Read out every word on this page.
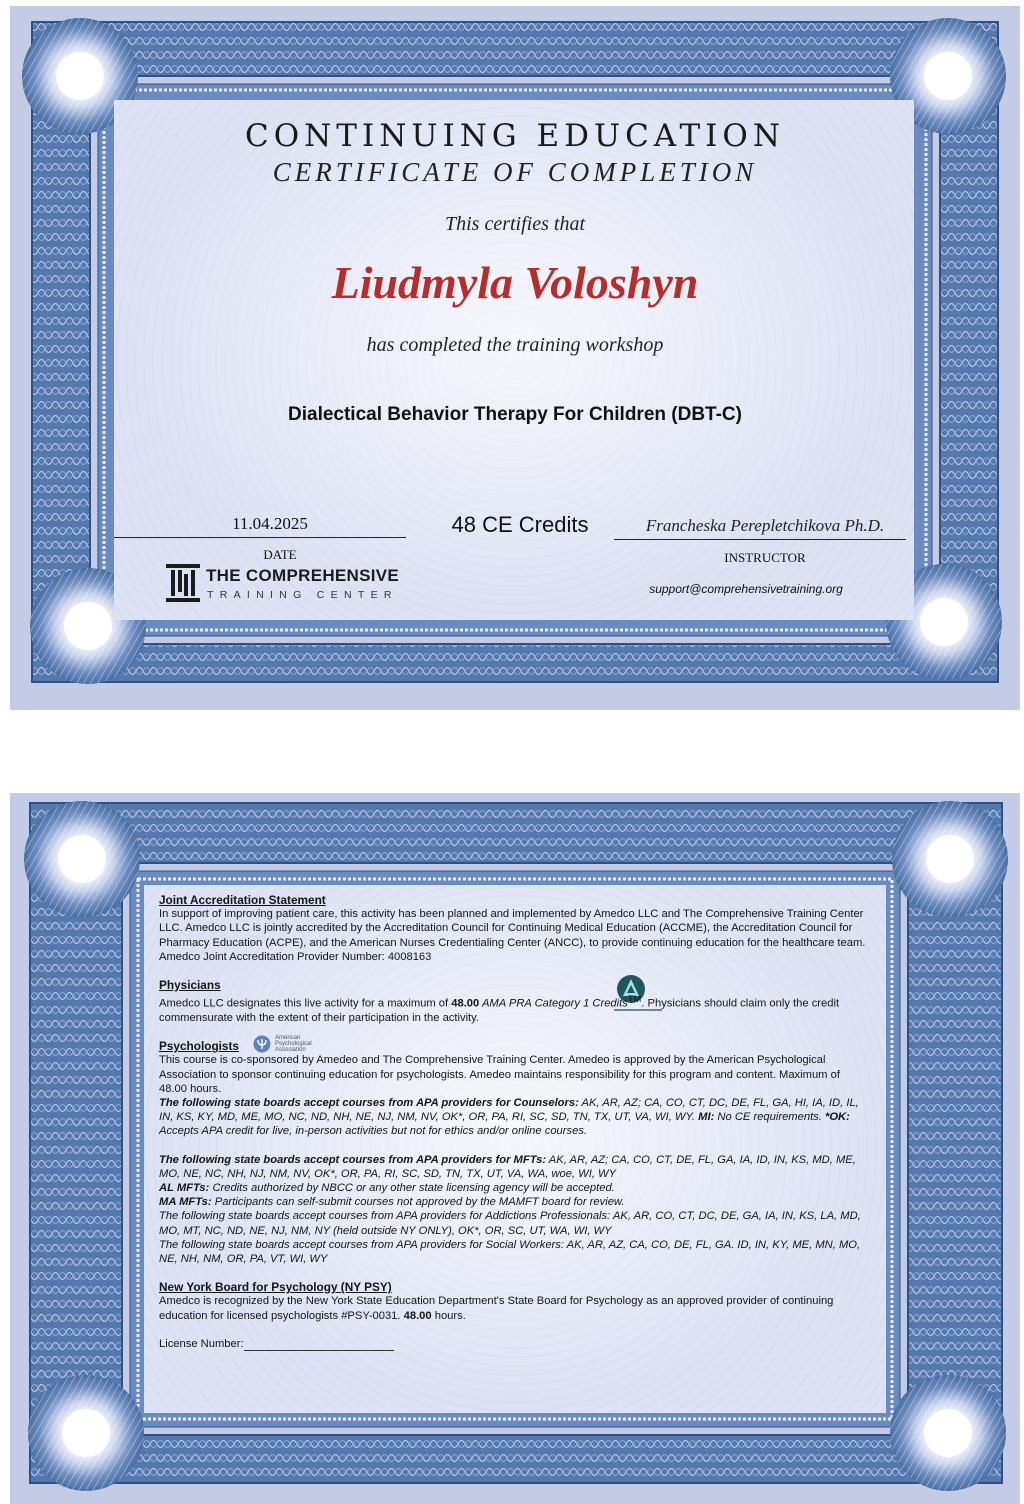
CONTINUING EDUCATION
CERTIFICATE OF COMPLETION
This certifies that
Liudmyla Voloshyn
has completed the training workshop
Dialectical Behavior Therapy For Children (DBT-C)
11.04.2025	48 CE Credits	Francheska Perepletchikova Ph.D.
DATE	INSTRUCTOR
THE COMPREHENSIVE
TRAINING CENTER	support@comprehensivetraining.org

Joint Accreditation Statement

In support of improving patient care, this activity has been planned and implemented by Amedco LLC and The Comprehensive Training Center LLC. Amedco LLC is jointly accredited by the Accreditation Council for Continuing Medical Education (ACCME), the Accreditation Council for Pharmacy Education (ACPE), and the American Nurses Credentialing Center (ANCC), to provide continuing education for the healthcare team.

Amedco Joint Accreditation Provider Number: 4008163

Physicians

Amedco LLC designates this live activity for a maximum of 48.00 AMA PRA Category 1 Credits™. Physicians should claim only the credit commensurate with the extent of their participation in the activity.

Psychologists
American Psychological Association

This course is co-sponsored by Amedeo and The Comprehensive Training Center. Amedeo is approved by the American Psychological Association to sponsor continuing education for psychologists. Amedeo maintains responsibility for this program and content. Maximum of 48.00 hours.

The following state boards accept courses from APA providers for Counselors: AK, AR, AZ; CA, CO, CT, DC, DE, FL, GA, HI, IA, ID, IL, IN, KS, KY, MD, ME, MO, NC, ND, NH, NE, NJ, NM, NV, OK*, OR, PA, RI, SC, SD, TN, TX, UT, VA, WI, WY. MI: No CE requirements. *OK: Accepts APA credit for live, in-person activities but not for ethics and/or online courses.

The following state boards accept courses from APA providers for MFTs: AK, AR, AZ; CA, CO, CT, DE, FL, GA, IA, ID, IN, KS, MD, ME, MO, NE, NC, NH, NJ, NM, NV, OK*, OR, PA, RI, SC, SD, TN, TX, UT, VA, WA, woe, WI, WY

AL MFTs: Credits authorized by NBCC or any other state licensing agency will be accepted.

MA MFTs: Participants can self-submit courses not approved by the MAMFT board for review.

The following state boards accept courses from APA providers for Addictions Professionals: AK, AR, CO, CT, DC, DE, GA, IA, IN, KS, LA, MD, MO, MT, NC, ND, NE, NJ, NM, NY (held outside NY ONLY), OK*, OR, SC, UT, WA, WI, WY

The following state boards accept courses from APA providers for Social Workers: AK, AR, AZ, CA, CO, DE, FL, GA. ID, IN, KY, ME, MN, MO, NE, NH, NM, OR, PA, VT, WI, WY

New York Board for Psychology (NY PSY)

Amedco is recognized by the New York State Education Department's State Board for Psychology as an approved provider of continuing education for licensed psychologists #PSY-0031. 48.00 hours.

License Number:
